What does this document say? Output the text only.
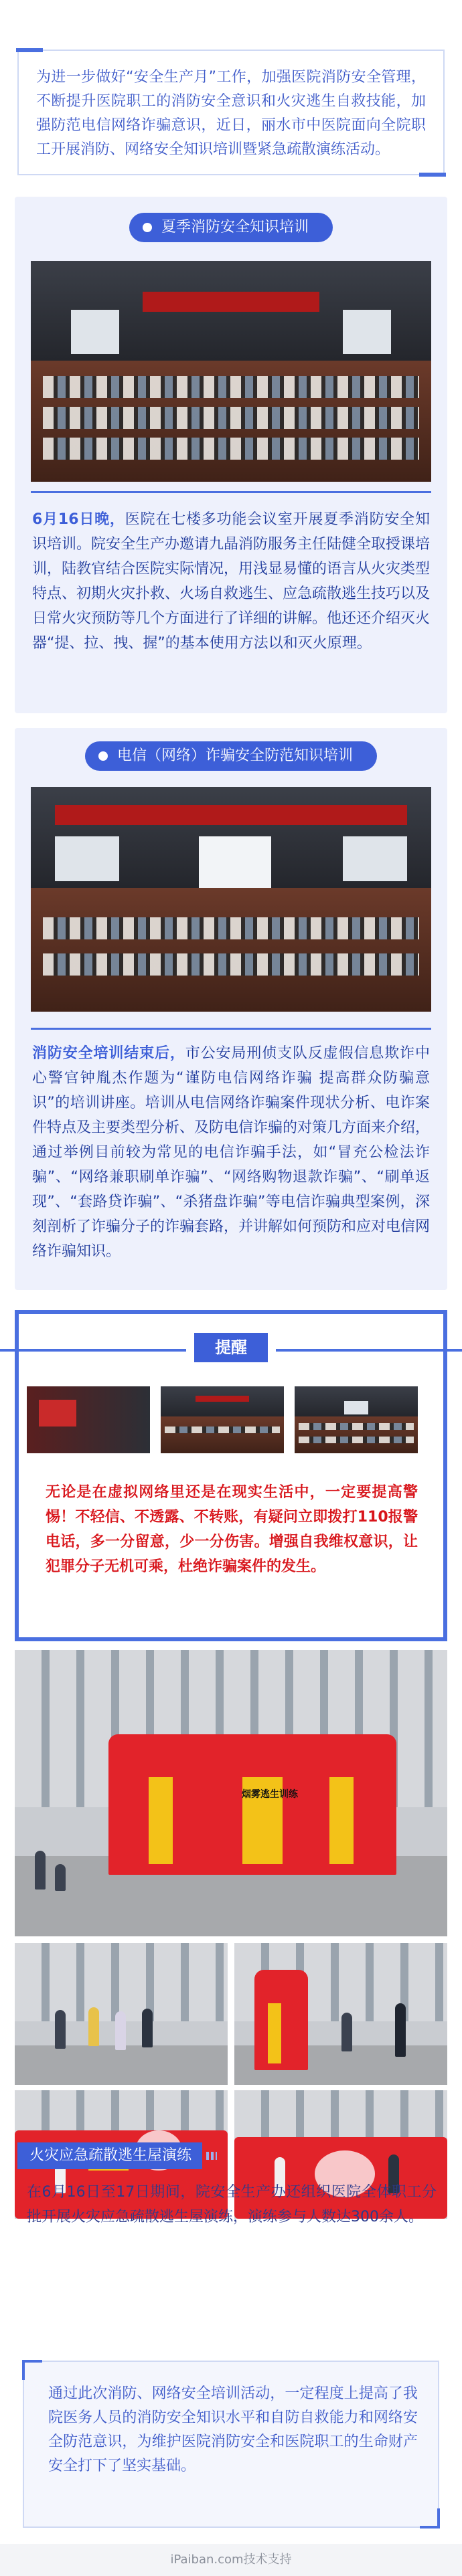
为进一步做好“安全生产月”工作，加强医院消防安全管理，不断提升医院职工的消防安全意识和火灾逃生自救技能，加强防范电信网络诈骗意识，近日，丽水市中医院面向全院职工开展消防、网络安全知识培训暨紧急疏散演练活动。

夏季消防安全知识培训

6月16日晚，医院在七楼多功能会议室开展夏季消防安全知识培训。院安全生产办邀请九晶消防服务主任陆健全取授课培训，陆教官结合医院实际情况，用浅显易懂的语言从火灾类型特点、初期火灾扑救、火场自救逃生、应急疏散逃生技巧以及日常火灾预防等几个方面进行了详细的讲解。他还还介绍灭火器“提、拉、拽、握”的基本使用方法以和灭火原理。

电信（网络）诈骗安全防范知识培训

消防安全培训结束后，市公安局刑侦支队反虚假信息欺诈中心警官钟胤杰作题为“谨防电信网络诈骗 提高群众防骗意识”的培训讲座。培训从电信网络诈骗案件现状分析、电诈案件特点及主要类型分析、及防电信诈骗的对策几方面来介绍，通过举例目前较为常见的电信诈骗手法，如“冒充公检法诈骗”、“网络兼职刷单诈骗”、“网络购物退款诈骗”、“刷单返现”、“套路贷诈骗”、“杀猪盘诈骗”等电信诈骗典型案例，深刻剖析了诈骗分子的诈骗套路，并讲解如何预防和应对电信网络诈骗知识。

提醒

无论是在虚拟网络里还是在现实生活中，一定要提高警惕！不轻信、不透露、不转账，有疑问立即拨打110报警电话，多一分留意，少一分伤害。增强自我维权意识，让犯罪分子无机可乘，杜绝诈骗案件的发生。

烟雾逃生训练
火灾应急疏散逃生屋演练

在6月16日至17日期间，院安全生产办还组织医院全体职工分批开展火灾应急疏散逃生屋演练，演练参与人数达300余人。

通过此次消防、网络安全培训活动，一定程度上提高了我院医务人员的消防安全知识水平和自防自救能力和网络安全防范意识，为维护医院消防安全和医院职工的生命财产安全打下了坚实基础。

iPaiban.com技术支持
